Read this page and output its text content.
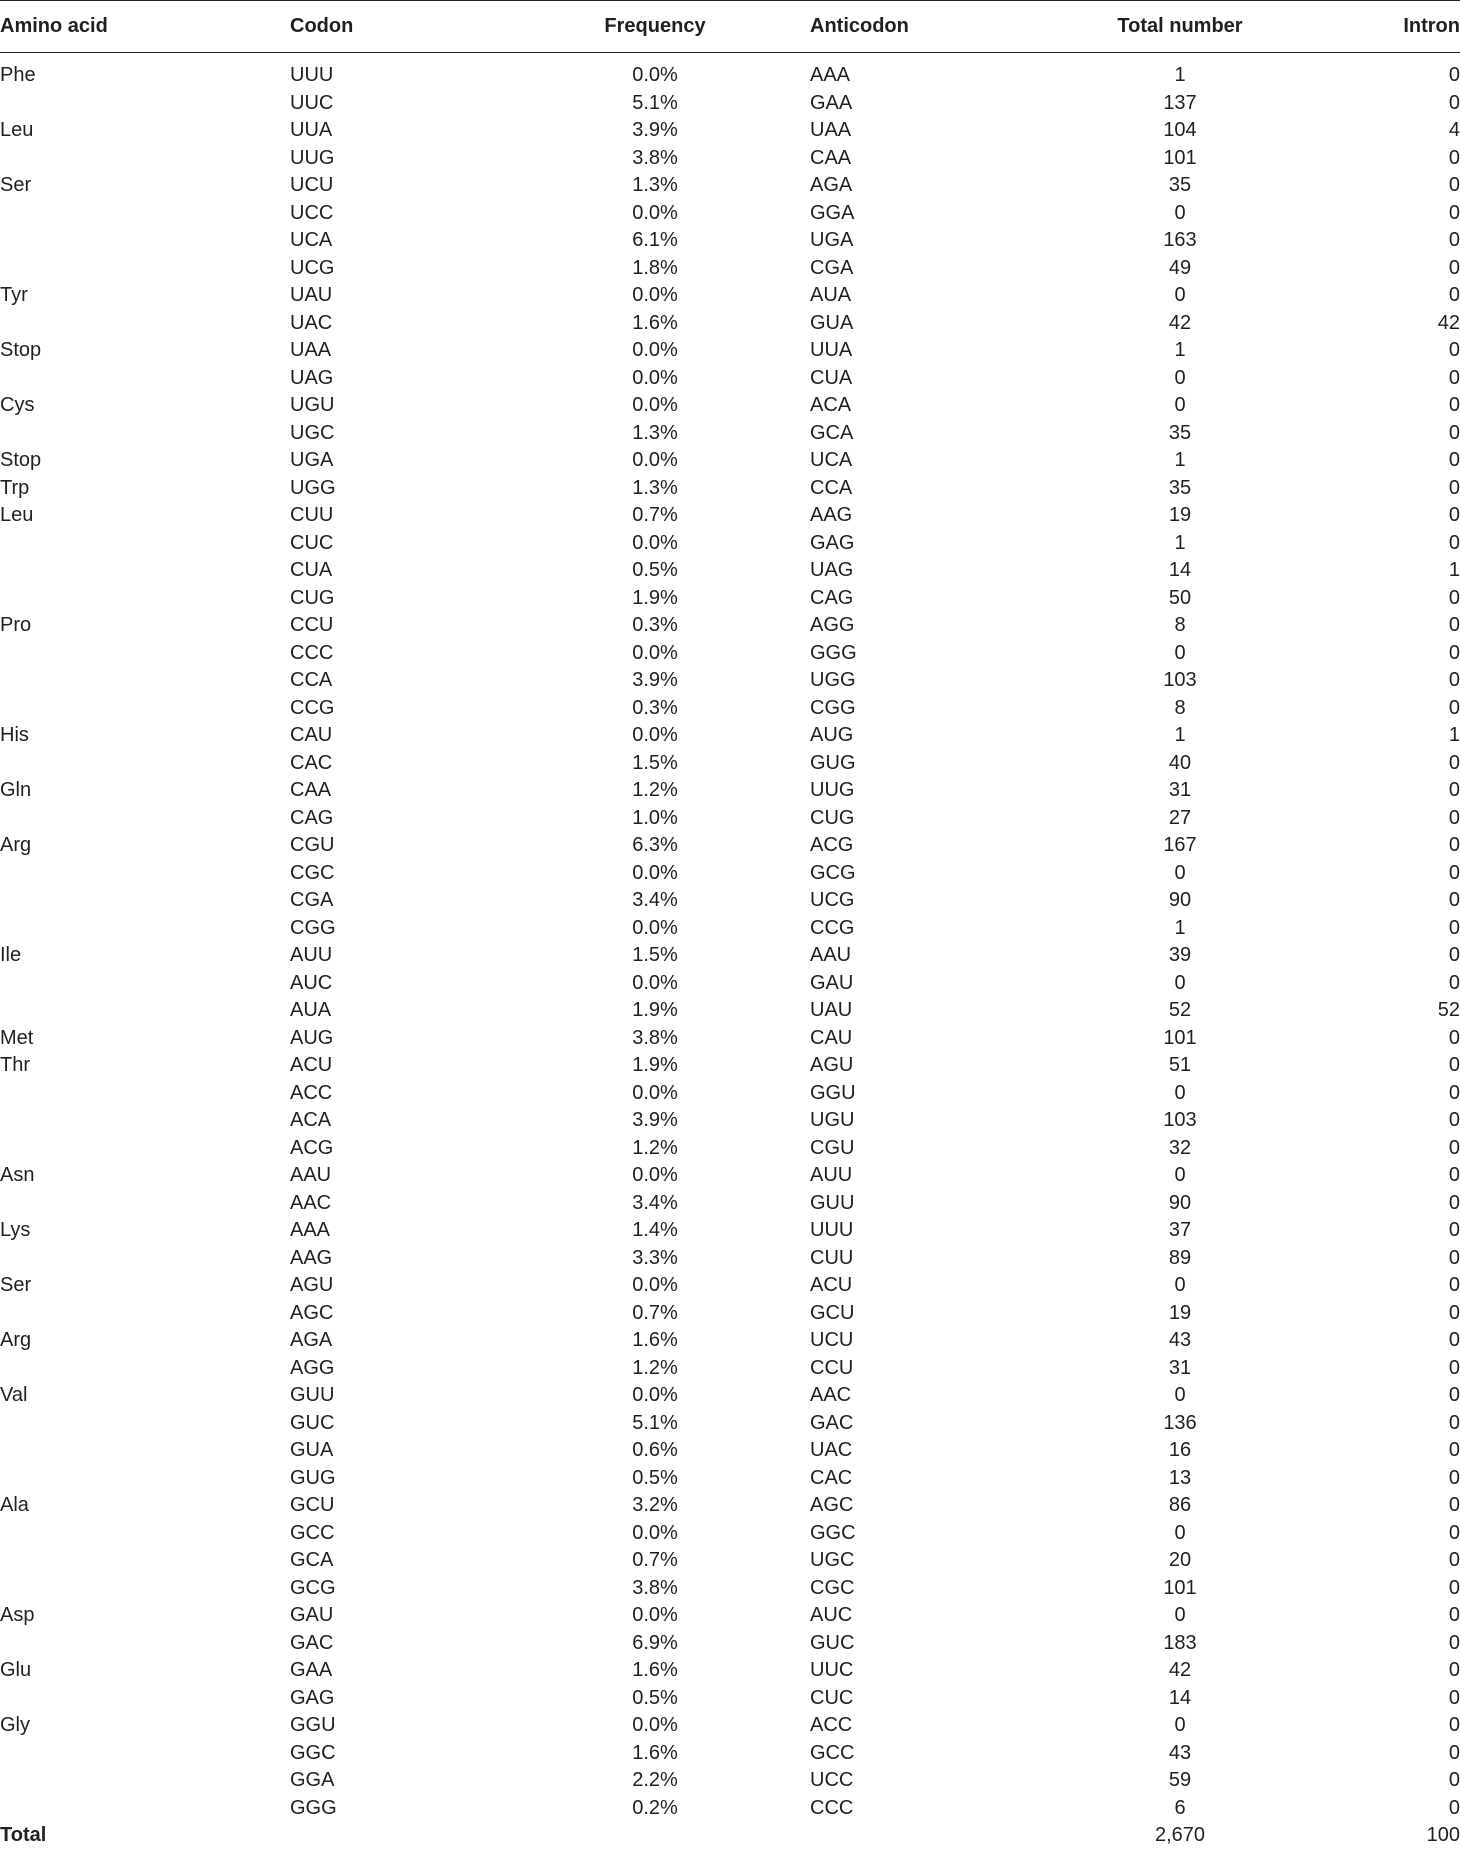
Amino acid	Codon	Frequency	Anticodon	Total number	Intron

Phe	UUU	0.0%	AAA	1	0
	UUC	5.1%	GAA	137	0
Leu	UUA	3.9%	UAA	104	4
	UUG	3.8%	CAA	101	0
Ser	UCU	1.3%	AGA	35	0
	UCC	0.0%	GGA	0	0
	UCA	6.1%	UGA	163	0
	UCG	1.8%	CGA	49	0
Tyr	UAU	0.0%	AUA	0	0
	UAC	1.6%	GUA	42	42
Stop	UAA	0.0%	UUA	1	0
	UAG	0.0%	CUA	0	0
Cys	UGU	0.0%	ACA	0	0
	UGC	1.3%	GCA	35	0
Stop	UGA	0.0%	UCA	1	0
Trp	UGG	1.3%	CCA	35	0
Leu	CUU	0.7%	AAG	19	0
	CUC	0.0%	GAG	1	0
	CUA	0.5%	UAG	14	1
	CUG	1.9%	CAG	50	0
Pro	CCU	0.3%	AGG	8	0
	CCC	0.0%	GGG	0	0
	CCA	3.9%	UGG	103	0
	CCG	0.3%	CGG	8	0
His	CAU	0.0%	AUG	1	1
	CAC	1.5%	GUG	40	0
Gln	CAA	1.2%	UUG	31	0
	CAG	1.0%	CUG	27	0
Arg	CGU	6.3%	ACG	167	0
	CGC	0.0%	GCG	0	0
	CGA	3.4%	UCG	90	0
	CGG	0.0%	CCG	1	0
Ile	AUU	1.5%	AAU	39	0
	AUC	0.0%	GAU	0	0
	AUA	1.9%	UAU	52	52
Met	AUG	3.8%	CAU	101	0
Thr	ACU	1.9%	AGU	51	0
	ACC	0.0%	GGU	0	0
	ACA	3.9%	UGU	103	0
	ACG	1.2%	CGU	32	0
Asn	AAU	0.0%	AUU	0	0
	AAC	3.4%	GUU	90	0
Lys	AAA	1.4%	UUU	37	0
	AAG	3.3%	CUU	89	0
Ser	AGU	0.0%	ACU	0	0
	AGC	0.7%	GCU	19	0
Arg	AGA	1.6%	UCU	43	0
	AGG	1.2%	CCU	31	0
Val	GUU	0.0%	AAC	0	0
	GUC	5.1%	GAC	136	0
	GUA	0.6%	UAC	16	0
	GUG	0.5%	CAC	13	0
Ala	GCU	3.2%	AGC	86	0
	GCC	0.0%	GGC	0	0
	GCA	0.7%	UGC	20	0
	GCG	3.8%	CGC	101	0
Asp	GAU	0.0%	AUC	0	0
	GAC	6.9%	GUC	183	0
Glu	GAA	1.6%	UUC	42	0
	GAG	0.5%	CUC	14	0
Gly	GGU	0.0%	ACC	0	0
	GGC	1.6%	GCC	43	0
	GGA	2.2%	UCC	59	0
	GGG	0.2%	CCC	6	0
Total				2,670	100
